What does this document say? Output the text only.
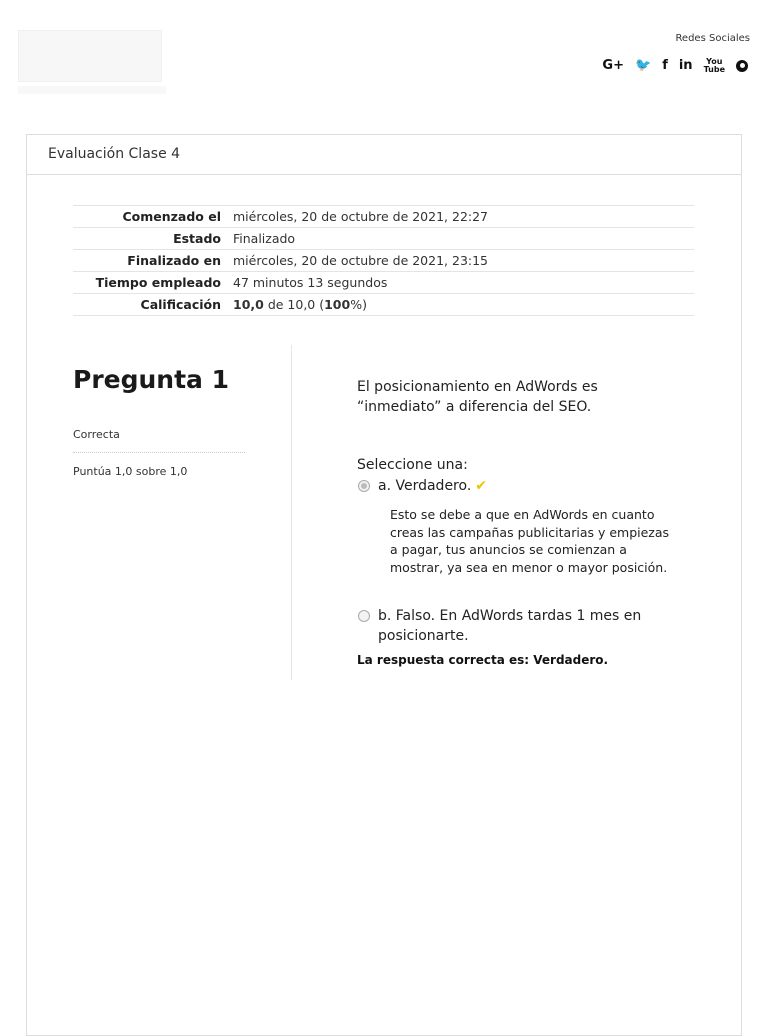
Redes Sociales
G+ 🐦 f in	You
Tube
Evaluación Clase 4
Comenzado el	miércoles, 20 de octubre de 2021, 22:27
Estado	Finalizado
Finalizado en	miércoles, 20 de octubre de 2021, 23:15
Tiempo empleado	47 minutos 13 segundos
Calificación	10,0 de 10,0 (100%)
Pregunta 1
Correcta
Puntúa 1,0 sobre 1,0
El posicionamiento en AdWords es “inmediato” a diferencia del SEO.
Seleccione una:
a. Verdadero. ✔
Esto se debe a que en AdWords en cuanto creas las campañas publicitarias y empiezas a pagar, tus anuncios se comienzan a mostrar, ya sea en menor o mayor posición.
b. Falso. En AdWords tardas 1 mes en posicionarte.
La respuesta correcta es: Verdadero.
